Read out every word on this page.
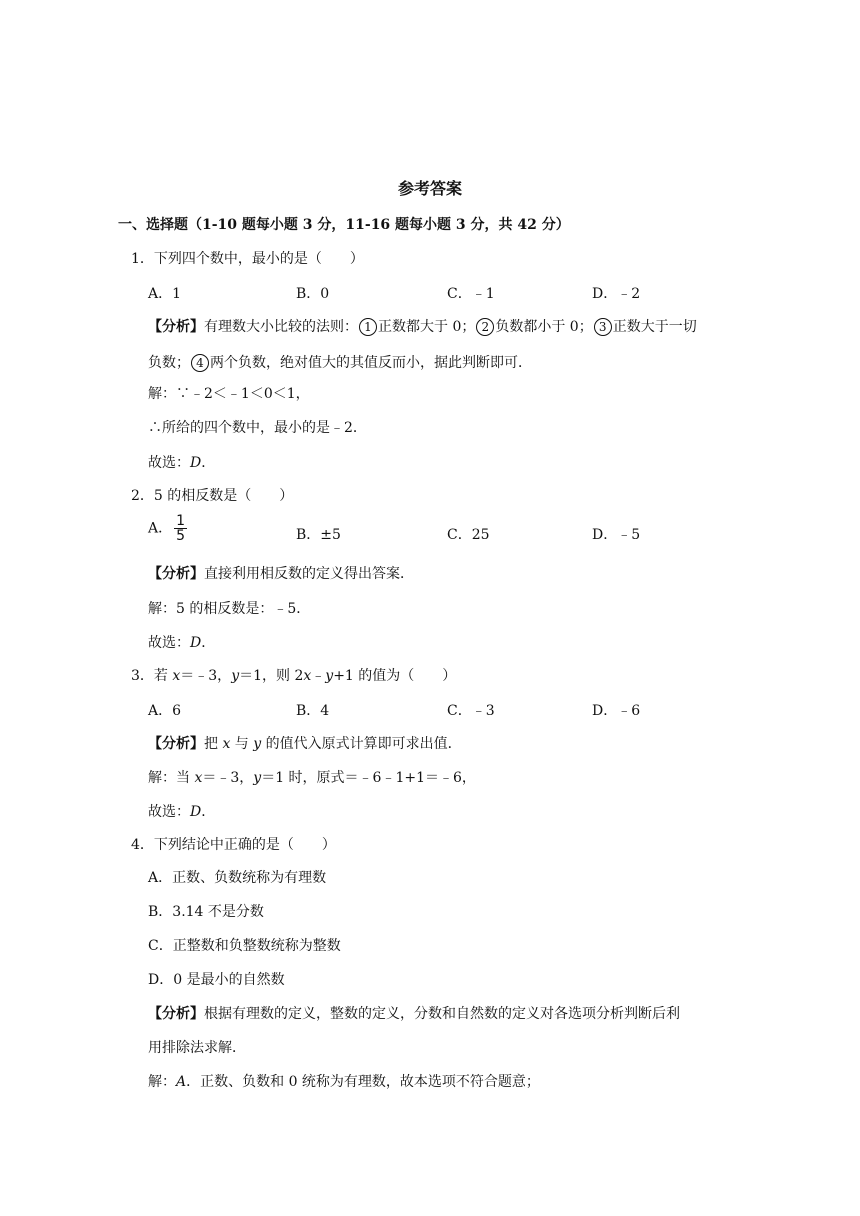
参考答案
一、选择题（1-10 题每小题 3 分，11-16 题每小题 3 分，共 42 分）
1．下列四个数中，最小的是（　　）
A．1	B．0	C．﹣1	D．﹣2
【分析】有理数大小比较的法则： 1 正数都大于 0； 2 负数都小于 0； 3 正数大于一切
负数； 4 两个负数，绝对值大的其值反而小，据此判断即可．
解：∵﹣2＜﹣1＜0＜1，
∴所给的四个数中，最小的是﹣2．
故选：D．
2．5 的相反数是（　　）
A． $\frac{1}{5}$	B．±5	C．25	D．﹣5
【分析】直接利用相反数的定义得出答案．
解：5 的相反数是：﹣5．
故选：D．
3．若 x＝﹣3，y＝1，则 2x﹣y+1 的值为（　　）
A．6	B．4	C．﹣3	D．﹣6
【分析】把 x 与 y 的值代入原式计算即可求出值．
解：当 x＝﹣3，y＝1 时，原式＝﹣6﹣1+1＝﹣6，
故选：D．
4．下列结论中正确的是（　　）
A．正数、负数统称为有理数
B．3.14 不是分数
C．正整数和负整数统称为整数
D．0 是最小的自然数
【分析】根据有理数的定义，整数的定义，分数和自然数的定义对各选项分析判断后利
用排除法求解．
解：A．正数、负数和 0 统称为有理数，故本选项不符合题意；
